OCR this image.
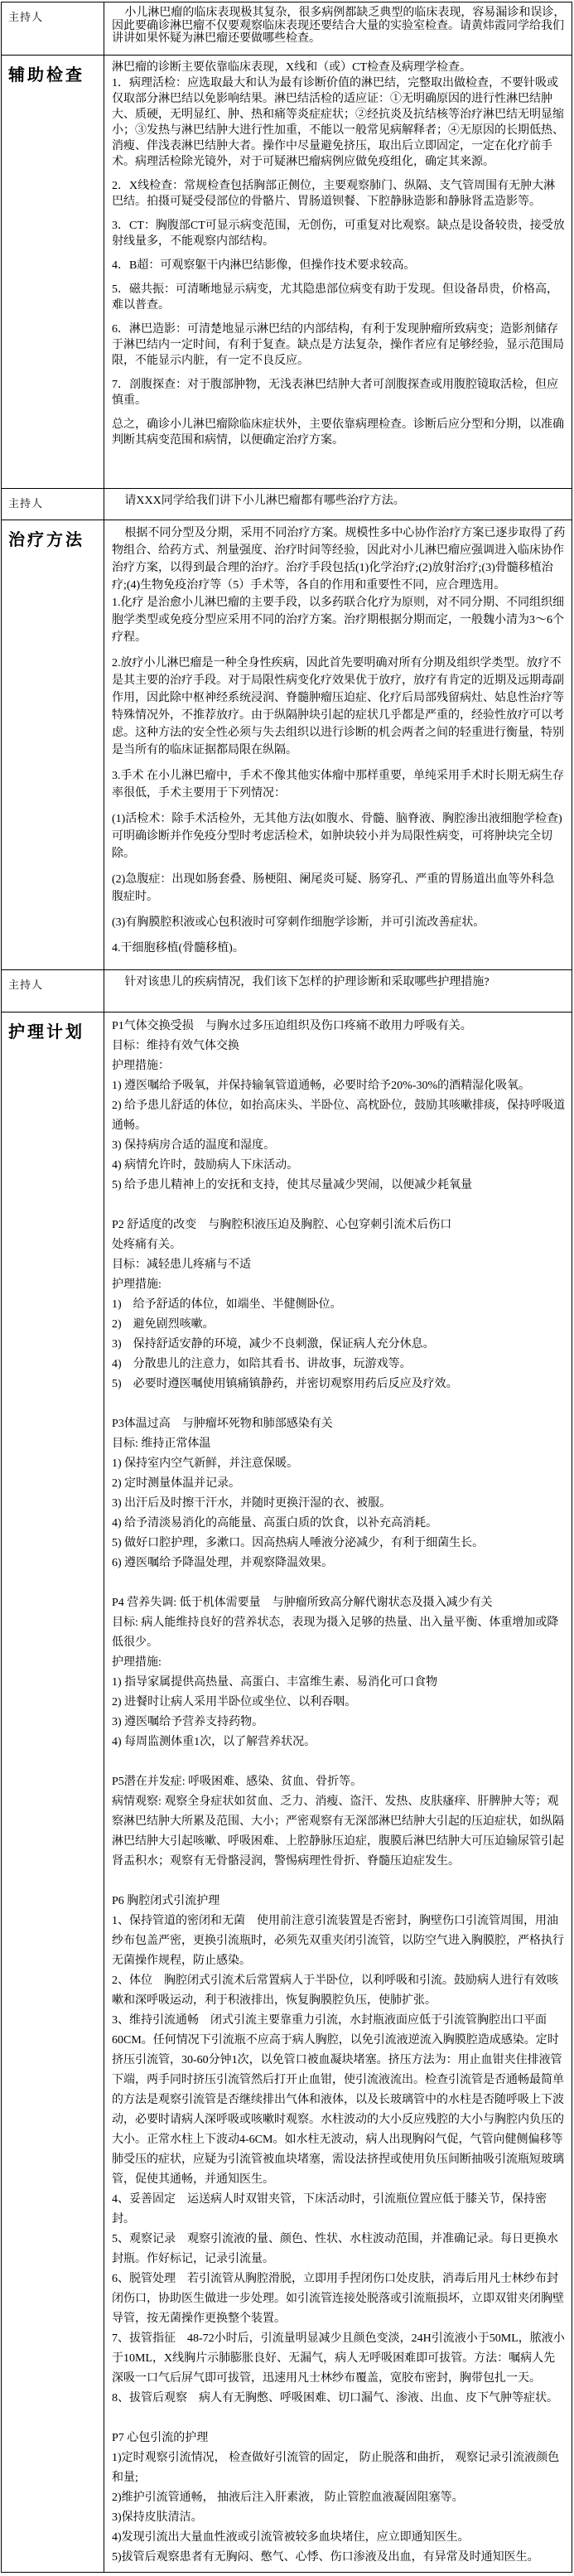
主持人	小儿淋巴瘤的临床表现极其复杂，很多病例都缺乏典型的临床表现，容易漏诊和误诊，因此要确诊淋巴瘤不仅要观察临床表现还要结合大量的实验室检查。请黄炜霞同学给我们讲讲如果怀疑为淋巴瘤还要做哪些检查。

辅助检查	淋巴瘤的诊断主要依靠临床表现，X线和（或）CT检查及病理学检查。
1．病理活检：应选取最大和认为最有诊断价值的淋巴结，完整取出做检查，不要针吸或仅取部分淋巴结以免影响结果。淋巴结活检的适应证：①无明确原因的进行性淋巴结肿大、质硬，无明显红、肿、热和痛等炎症症状；②经抗炎及抗结核等治疗淋巴结无明显缩小；③发热与淋巴结肿大进行性加重，不能以一般常见病解释者；④无原因的长期低热、消瘦、伴浅表淋巴结肿大者。操作中尽量避免挤压，取出后立即固定，一定在化疗前手术。病理活检除光镜外，对于可疑淋巴瘤病例应做免疫组化，确定其来源。
2．X线检查：常规检查包括胸部正侧位，主要观察肺门、纵隔、支气管周围有无肿大淋巴结。拍摄可疑受侵部位的骨骼片、胃肠道钡餐、下腔静脉造影和静脉肾盂造影等。
3．CT：胸腹部CT可显示病变范围，无创伤，可重复对比观察。缺点是设备较贵，接受放射线量多，不能观察内部结构。
4．B超：可观察躯干内淋巴结影像，但操作技术要求较高。
5．磁共振：可清晰地显示病变，尤其隐患部位病变有助于发现。但设备昂贵，价格高，难以普查。
6．淋巴造影：可清楚地显示淋巴结的内部结构，有利于发现肿瘤所致病变；造影剂储存于淋巴结内一定时间，有利于复查。缺点是方法复杂，操作者应有足够经验，显示范围局限，不能显示内脏，有一定不良反应。
7．剖腹探查：对于腹部肿物，无浅表淋巴结肿大者可剖腹探查或用腹腔镜取活检，但应慎重。
总之，确诊小儿淋巴瘤除临床症状外，主要依靠病理检查。诊断后应分型和分期，以准确判断其病变范围和病情，以便确定治疗方案。

主持人	请XXX同学给我们讲下小儿淋巴瘤都有哪些治疗方法。

治疗方法	根据不同分型及分期，采用不同治疗方案。规模性多中心协作治疗方案已逐步取得了药物组合、给药方式、剂量强度、治疗时间等经验，因此对小儿淋巴瘤应强调进入临床协作治疗方案，以得到最合理的治疗。治疗手段包括(1)化学治疗;(2)放射治疗;(3)骨髓移植治疗;(4)生物免疫治疗等（5）手术等，各自的作用和重要性不同，应合理选用。
1.化疗 是治愈小儿淋巴瘤的主要手段，以多药联合化疗为原则，对不同分期、不同组织细胞学类型或免疫分型应采用不同的治疗方案。治疗期根据分期而定，一般魏小清为3～6个疗程。
2.放疗小儿淋巴瘤是一种全身性疾病，因此首先要明确对所有分期及组织学类型。放疗不是其主要的治疗手段。对于局限性病变化疗效果优于放疗，放疗有肯定的近期及远期毒副作用，因此除中枢神经系统浸润、脊髓肿瘤压迫症、化疗后局部残留病灶、姑息性治疗等特殊情况外，不推荐放疗。由于纵隔肿块引起的症状几乎都是严重的，经验性放疗可以考虑。这种方法的安全性必须与失去组织以进行诊断的机会两者之间的轻重进行衡量，特别是当所有的临床证据都局限在纵隔。
3.手术 在小儿淋巴瘤中，手术不像其他实体瘤中那样重要，单纯采用手术时长期无病生存率很低，手术主要用于下列情况：
(1)活检术：除手术活检外，无其他方法(如腹水、骨髓、脑脊液、胸腔渗出液细胞学检查)可明确诊断并作免疫分型时考虑活检术，如肿块较小并为局限性病变，可将肿块完全切除。
(2)急腹症：出现如肠套叠、肠梗阻、阑尾炎可疑、肠穿孔、严重的胃肠道出血等外科急腹症时。
(3)有胸膜腔积液或心包积液时可穿刺作细胞学诊断，并可引流改善症状。
4.干细胞移植(骨髓移植)。

主持人	针对该患儿的疾病情况，我们该下怎样的护理诊断和采取哪些护理措施?

护理计划	P1气体交换受损　与胸水过多压迫组织及伤口疼痛不敢用力呼吸有关。
目标：维持有效气体交换
护理措施：
1) 遵医嘱给予吸氧，并保持输氧管道通畅，必要时给予20%-30%的酒精湿化吸氧。
2) 给予患儿舒适的体位，如抬高床头、半卧位、高枕卧位，鼓励其咳嗽排痰，保持呼吸道通畅。
3) 保持病房合适的温度和湿度。
4) 病情允许时，鼓励病人下床活动。
5) 给予患儿精神上的安抚和支持，使其尽量减少哭闹，以便减少耗氧量
P2 舒适度的改变　与胸腔积液压迫及胸腔、心包穿刺引流术后伤口
处疼痛有关。
目标：减轻患儿疼痛与不适
护理措施:
1)　给予舒适的体位，如端坐、半健侧卧位。
2)　避免剧烈咳嗽。
3)　保持舒适安静的环境，减少不良刺激，保证病人充分休息。
4)　分散患儿的注意力，如陪其看书、讲故事，玩游戏等。
5)　必要时遵医嘱使用镇痛镇静药，并密切观察用药后反应及疗效。
P3体温过高　与肿瘤坏死物和肺部感染有关
目标: 维持正常体温
1) 保持室内空气新鲜，并注意保暖。
2) 定时测量体温并记录。
3) 出汗后及时擦干汗水，并随时更换汗湿的衣、被服。
4) 给予清淡易消化的高能量、高蛋白质的饮食，以补充高消耗。
5) 做好口腔护理，多漱口。因高热病人唾液分泌减少，有利于细菌生长。
6) 遵医嘱给予降温处理，并观察降温效果。
P4 营养失调: 低于机体需要量　与肿瘤所致高分解代谢状态及摄入减少有关
目标: 病人能维持良好的营养状态，表现为摄入足够的热量、出入量平衡、体重增加或降低很少。
护理措施:
1) 指导家属提供高热量、高蛋白、丰富维生素、易消化可口食物
2) 进餐时让病人采用半卧位或坐位、以利吞咽。
3) 遵医嘱给予营养支持药物。
4) 每周监测体重1次，以了解营养状况。
P5潜在并发症: 呼吸困难、感染、贫血、骨折等。
病情观察: 观察全身症状如贫血、乏力、消瘦、盗汗、发热、皮肤瘙痒、肝脾肿大等；观察淋巴结肿大所累及范围、大小；严密观察有无深部淋巴结肿大引起的压迫症状，如纵隔淋巴结肿大引起咳嗽、呼吸困难、上腔静脉压迫症，腹膜后淋巴结肿大可压迫输尿管引起肾盂积水；观察有无骨骼浸润，警惕病理性骨折、脊髓压迫症发生。
P6 胸腔闭式引流护理
1、保持管道的密闭和无菌　使用前注意引流装置是否密封，胸壁伤口引流管周围，用油纱布包盖严密，更换引流瓶时，必须先双重夹闭引流管，以防空气进入胸膜腔，严格执行无菌操作规程，防止感染。
2、体位　胸腔闭式引流术后常置病人于半卧位，以利呼吸和引流。鼓励病人进行有效咳嗽和深呼吸运动，利于积液排出，恢复胸膜腔负压，使肺扩张。
3、维持引流通畅　闭式引流主要靠重力引流，水封瓶液面应低于引流管胸腔出口平面60CM。任何情况下引流瓶不应高于病人胸腔，以免引流液逆流入胸膜腔造成感染。定时挤压引流管，30-60分钟1次，以免管口被血凝块堵塞。挤压方法为：用止血钳夹住排液管下端，两手同时挤压引流管然后打开止血钳，使引流液流出。检查引流管是否通畅最简单的方法是观察引流管是否继续排出气体和液体，以及长玻璃管中的水柱是否随呼吸上下波动，必要时请病人深呼吸或咳嗽时观察。水柱波动的大小反应残腔的大小与胸腔内负压的大小。正常水柱上下波动4-6CM。如水柱无波动，病人出现胸闷气促，气管向健侧偏移等肺受压的症状，应疑为引流管被血块堵塞，需设法挤捏或使用负压间断抽吸引流瓶短玻璃管，促使其通畅，并通知医生。
4、妥善固定　运送病人时双钳夹管，下床活动时，引流瓶位置应低于膝关节，保持密封。
5、观察记录　观察引流液的量、颜色、性状、水柱波动范围，并准确记录。每日更换水封瓶。作好标记，记录引流量。
6、脱管处理　若引流管从胸腔滑脱，立即用手捏闭伤口处皮肤，消毒后用凡士林纱布封闭伤口，协助医生做进一步处理。如引流管连接处脱落或引流瓶损坏，立即双钳夹闭胸壁导管，按无菌操作更换整个装置。
7、拔管指征　48-72小时后，引流量明显减少且颜色变淡，24H引流液小于50ML，脓液小于10ML，X线胸片示肺膨胀良好、无漏气，病人无呼吸困难即可拔管。方法：嘱病人先深吸一口气后屏气即可拔管，迅速用凡士林纱布覆盖，宽胶布密封，胸带包扎一天。
8、拔管后观察　病人有无胸憋、呼吸困难、切口漏气、渗液、出血、皮下气肿等症状。
P7 心包引流的护理
1)定时观察引流情况， 检查做好引流管的固定， 防止脱落和曲折， 观察记录引流液颜色和量;
2)维护引流管通畅， 抽液后注入肝素液， 防止管腔血液凝固阻塞等。
3)保持皮肤清洁。
4)发现引流出大量血性液或引流管被较多血块堵住，应立即通知医生。
5)拔管后观察患者有无胸闷、憋气、心悸、伤口渗液及出血，有异常及时通知医生。
